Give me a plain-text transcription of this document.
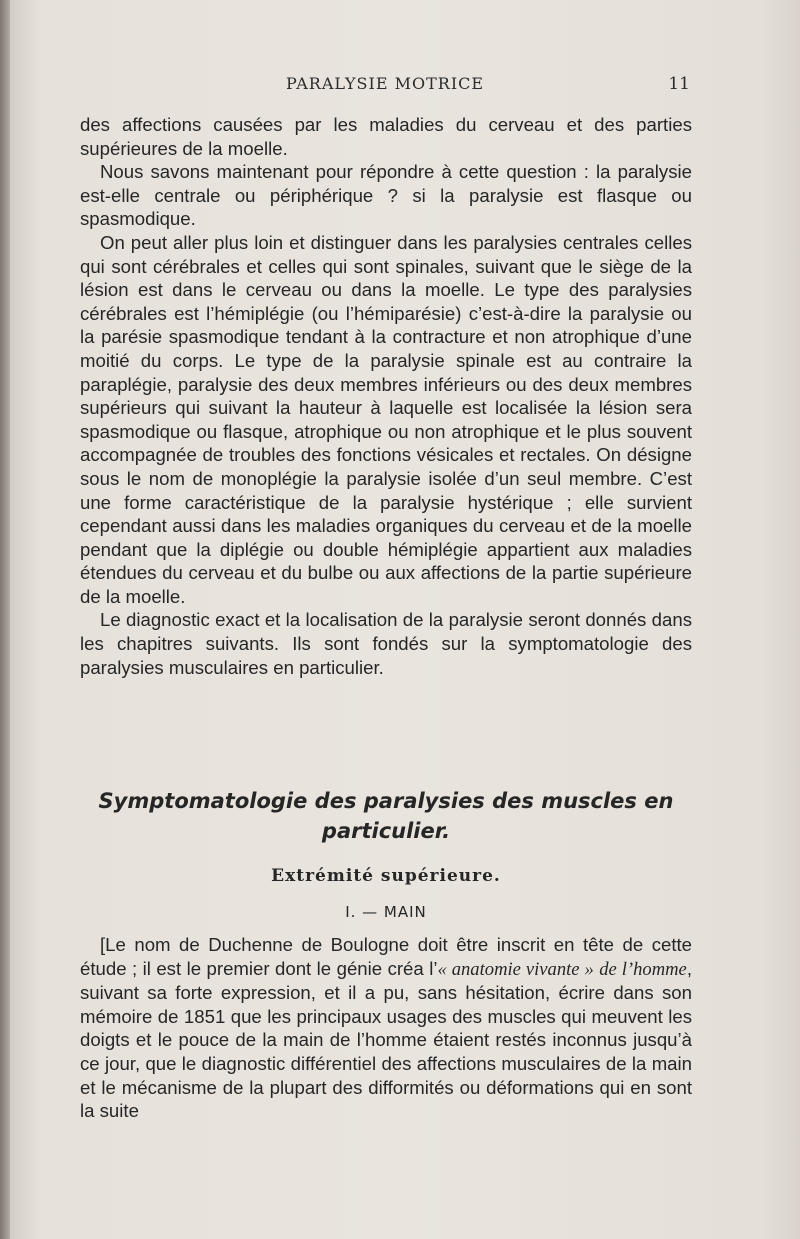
PARALYSIE MOTRICE	11

des affections causées par les maladies du cerveau et des parties supérieures de la moelle.

Nous savons maintenant pour répondre à cette question : la paralysie est-elle centrale ou périphérique ? si la paralysie est flasque ou spasmodique.

On peut aller plus loin et distinguer dans les paralysies centrales celles qui sont cérébrales et celles qui sont spinales, suivant que le siège de la lésion est dans le cerveau ou dans la moelle. Le type des paralysies cérébrales est l’hémiplégie (ou l’hémiparésie) c’est-à-dire la paralysie ou la parésie spasmodique tendant à la contracture et non atrophique d’une moitié du corps. Le type de la paralysie spinale est au contraire la paraplégie, paralysie des deux membres inférieurs ou des deux membres supérieurs qui suivant la hauteur à laquelle est localisée la lésion sera spasmodique ou flasque, atrophique ou non atrophique et le plus souvent accompagnée de troubles des fonctions vésicales et rectales. On désigne sous le nom de monoplégie la paralysie isolée d’un seul membre. C’est une forme caractéristique de la paralysie hystérique ; elle survient cependant aussi dans les maladies organiques du cerveau et de la moelle pendant que la diplégie ou double hémiplégie appartient aux maladies étendues du cerveau et du bulbe ou aux affections de la partie supérieure de la moelle.

Le diagnostic exact et la localisation de la paralysie seront donnés dans les chapitres suivants. Ils sont fondés sur la symptomatologie des paralysies musculaires en particulier.

Symptomatologie des paralysies des muscles en particulier.
Extrémité supérieure.
I. — MAIN

[Le nom de Duchenne de Boulogne doit être inscrit en tête de cette étude ; il est le premier dont le génie créa l’« anatomie vivante » de l’homme, suivant sa forte expression, et il a pu, sans hésitation, écrire dans son mémoire de 1851 que les principaux usages des muscles qui meuvent les doigts et le pouce de la main de l’homme étaient restés inconnus jusqu’à ce jour, que le diagnostic différentiel des affections musculaires de la main et le mécanisme de la plupart des difformités ou déformations qui en sont la suite
